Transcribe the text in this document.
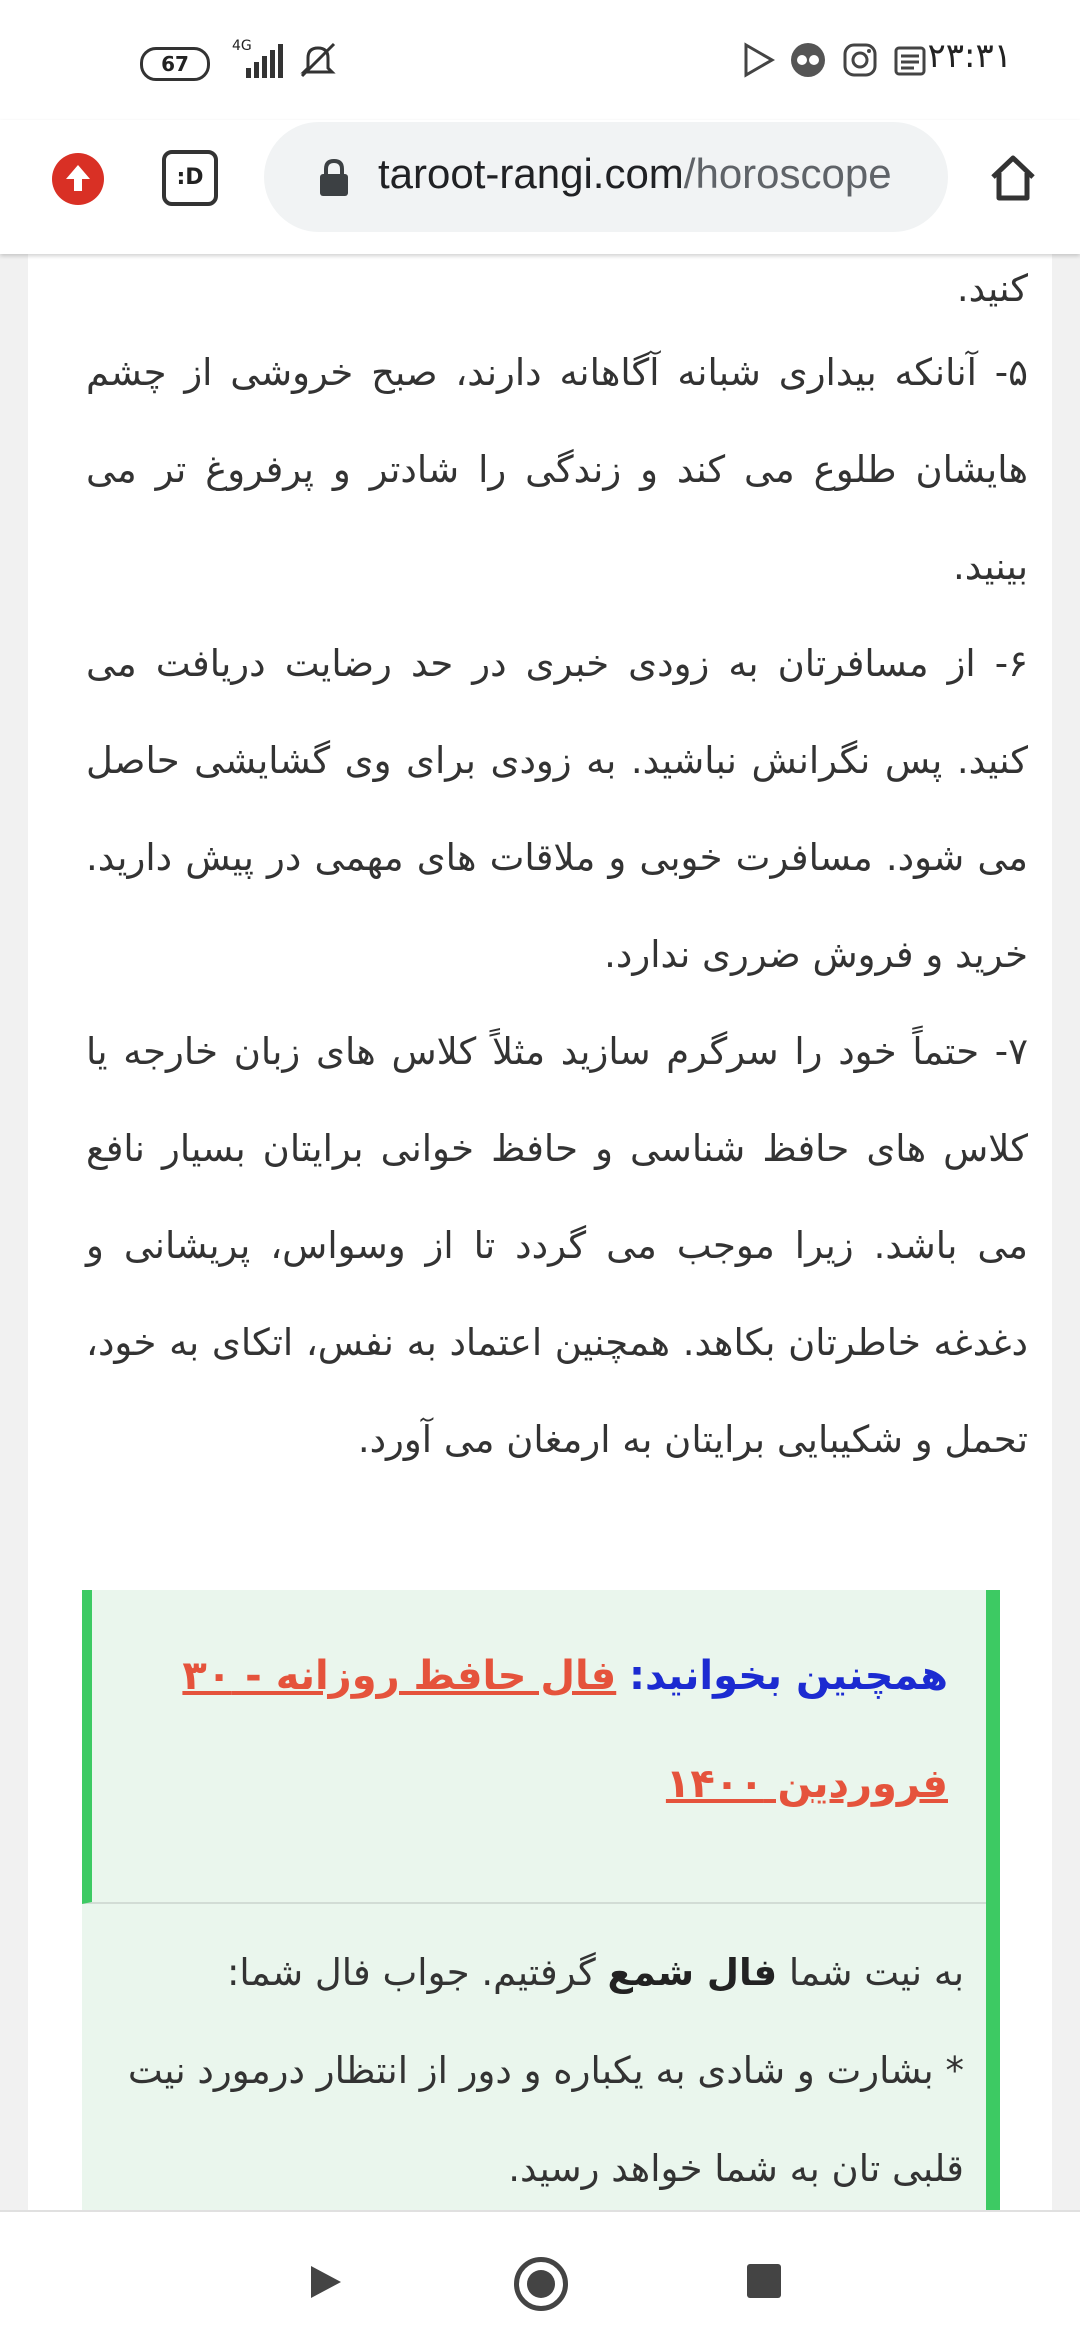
67
4G	۲۳:۳۱
:D	taroot-rangi.com/horoscope

کنید.

۵- آنانکه بیداری شبانه آگاهانه دارند، صبح خروشی از چشم هایشان طلوع می کند و زندگی را شادتر و پرفروغ تر می بینید.

۶- از مسافرتان به زودی خبری در حد رضایت دریافت می کنید. پس نگرانش نباشید. به زودی برای وی گشایشی حاصل می شود. مسافرت خوبی و ملاقات های مهمی در پیش دارید. خرید و فروش ضرری ندارد.

۷- حتماً خود را سرگرم سازید مثلاً کلاس های زبان خارجه یا کلاس های حافظ شناسی و حافظ خوانی برایتان بسیار نافع می باشد. زیرا موجب می گردد تا از وسواس، پریشانی و دغدغه خاطرتان بکاهد. همچنین اعتماد به نفس، اتکای به خود، تحمل و شکیبایی برایتان به ارمغان می آورد.

همچنین بخوانید: فال حافظ روزانه - ۳۰ فروردین ۱۴۰۰
به نیت شما فال شمع گرفتیم. جواب فال شما:
* بشارت و شادی به یکباره و دور از انتظار درمورد نیت قلبی تان به شما خواهد رسید.
